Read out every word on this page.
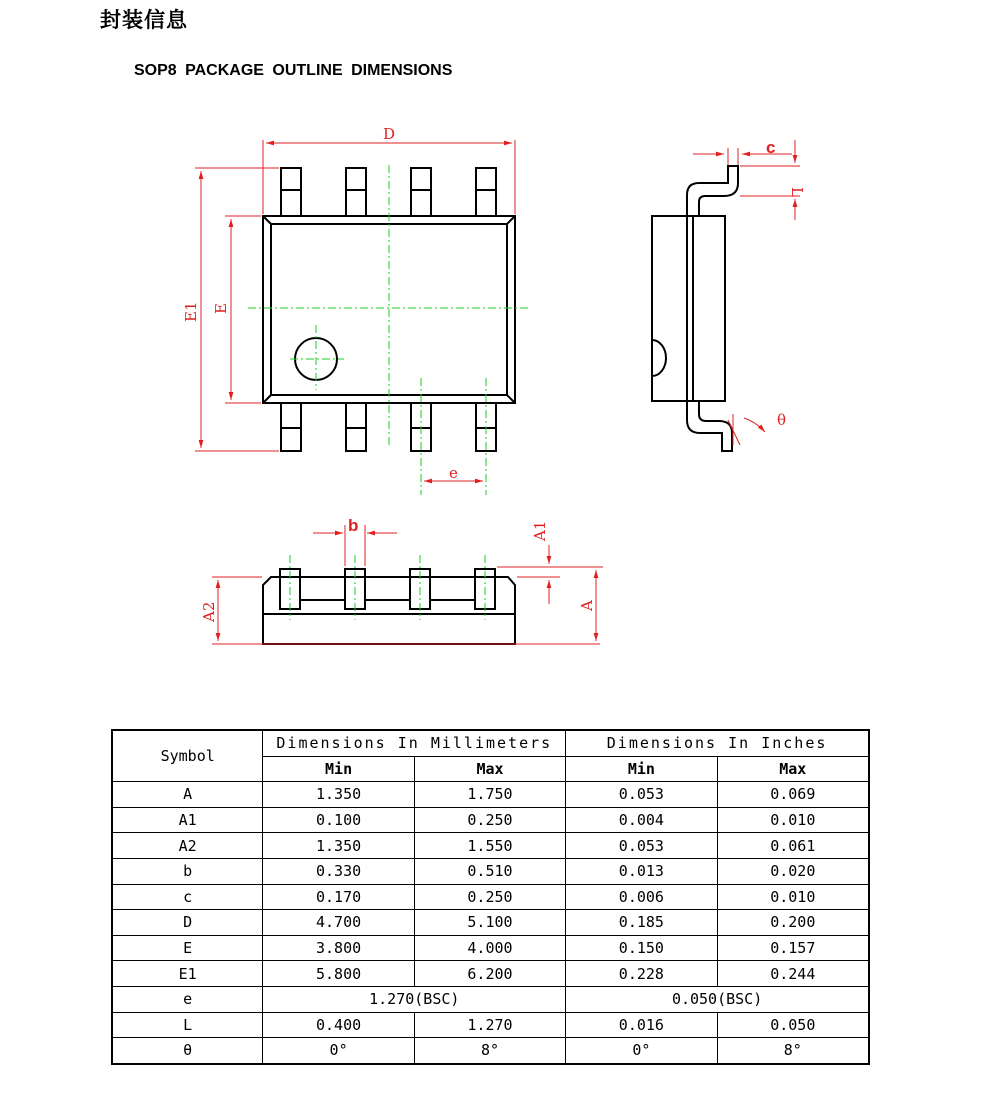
封装信息
SOP8 PACKAGE OUTLINE DIMENSIONS
D
E1 E
e
c
L
θ
b
A2
A1
A
Symbol	Dimensions In Millimeters		Dimensions In Inches	
	Min	Max	Min	Max
A	1.350	1.750	0.053	0.069
A1	0.100	0.250	0.004	0.010
A2	1.350	1.550	0.053	0.061
b	0.330	0.510	0.013	0.020
c	0.170	0.250	0.006	0.010
D	4.700	5.100	0.185	0.200
E	3.800	4.000	0.150	0.157
E1	5.800	6.200	0.228	0.244
e	1.270(BSC)		0.050(BSC)	
L	0.400	1.270	0.016	0.050
θ	0°	8°	0°	8°
